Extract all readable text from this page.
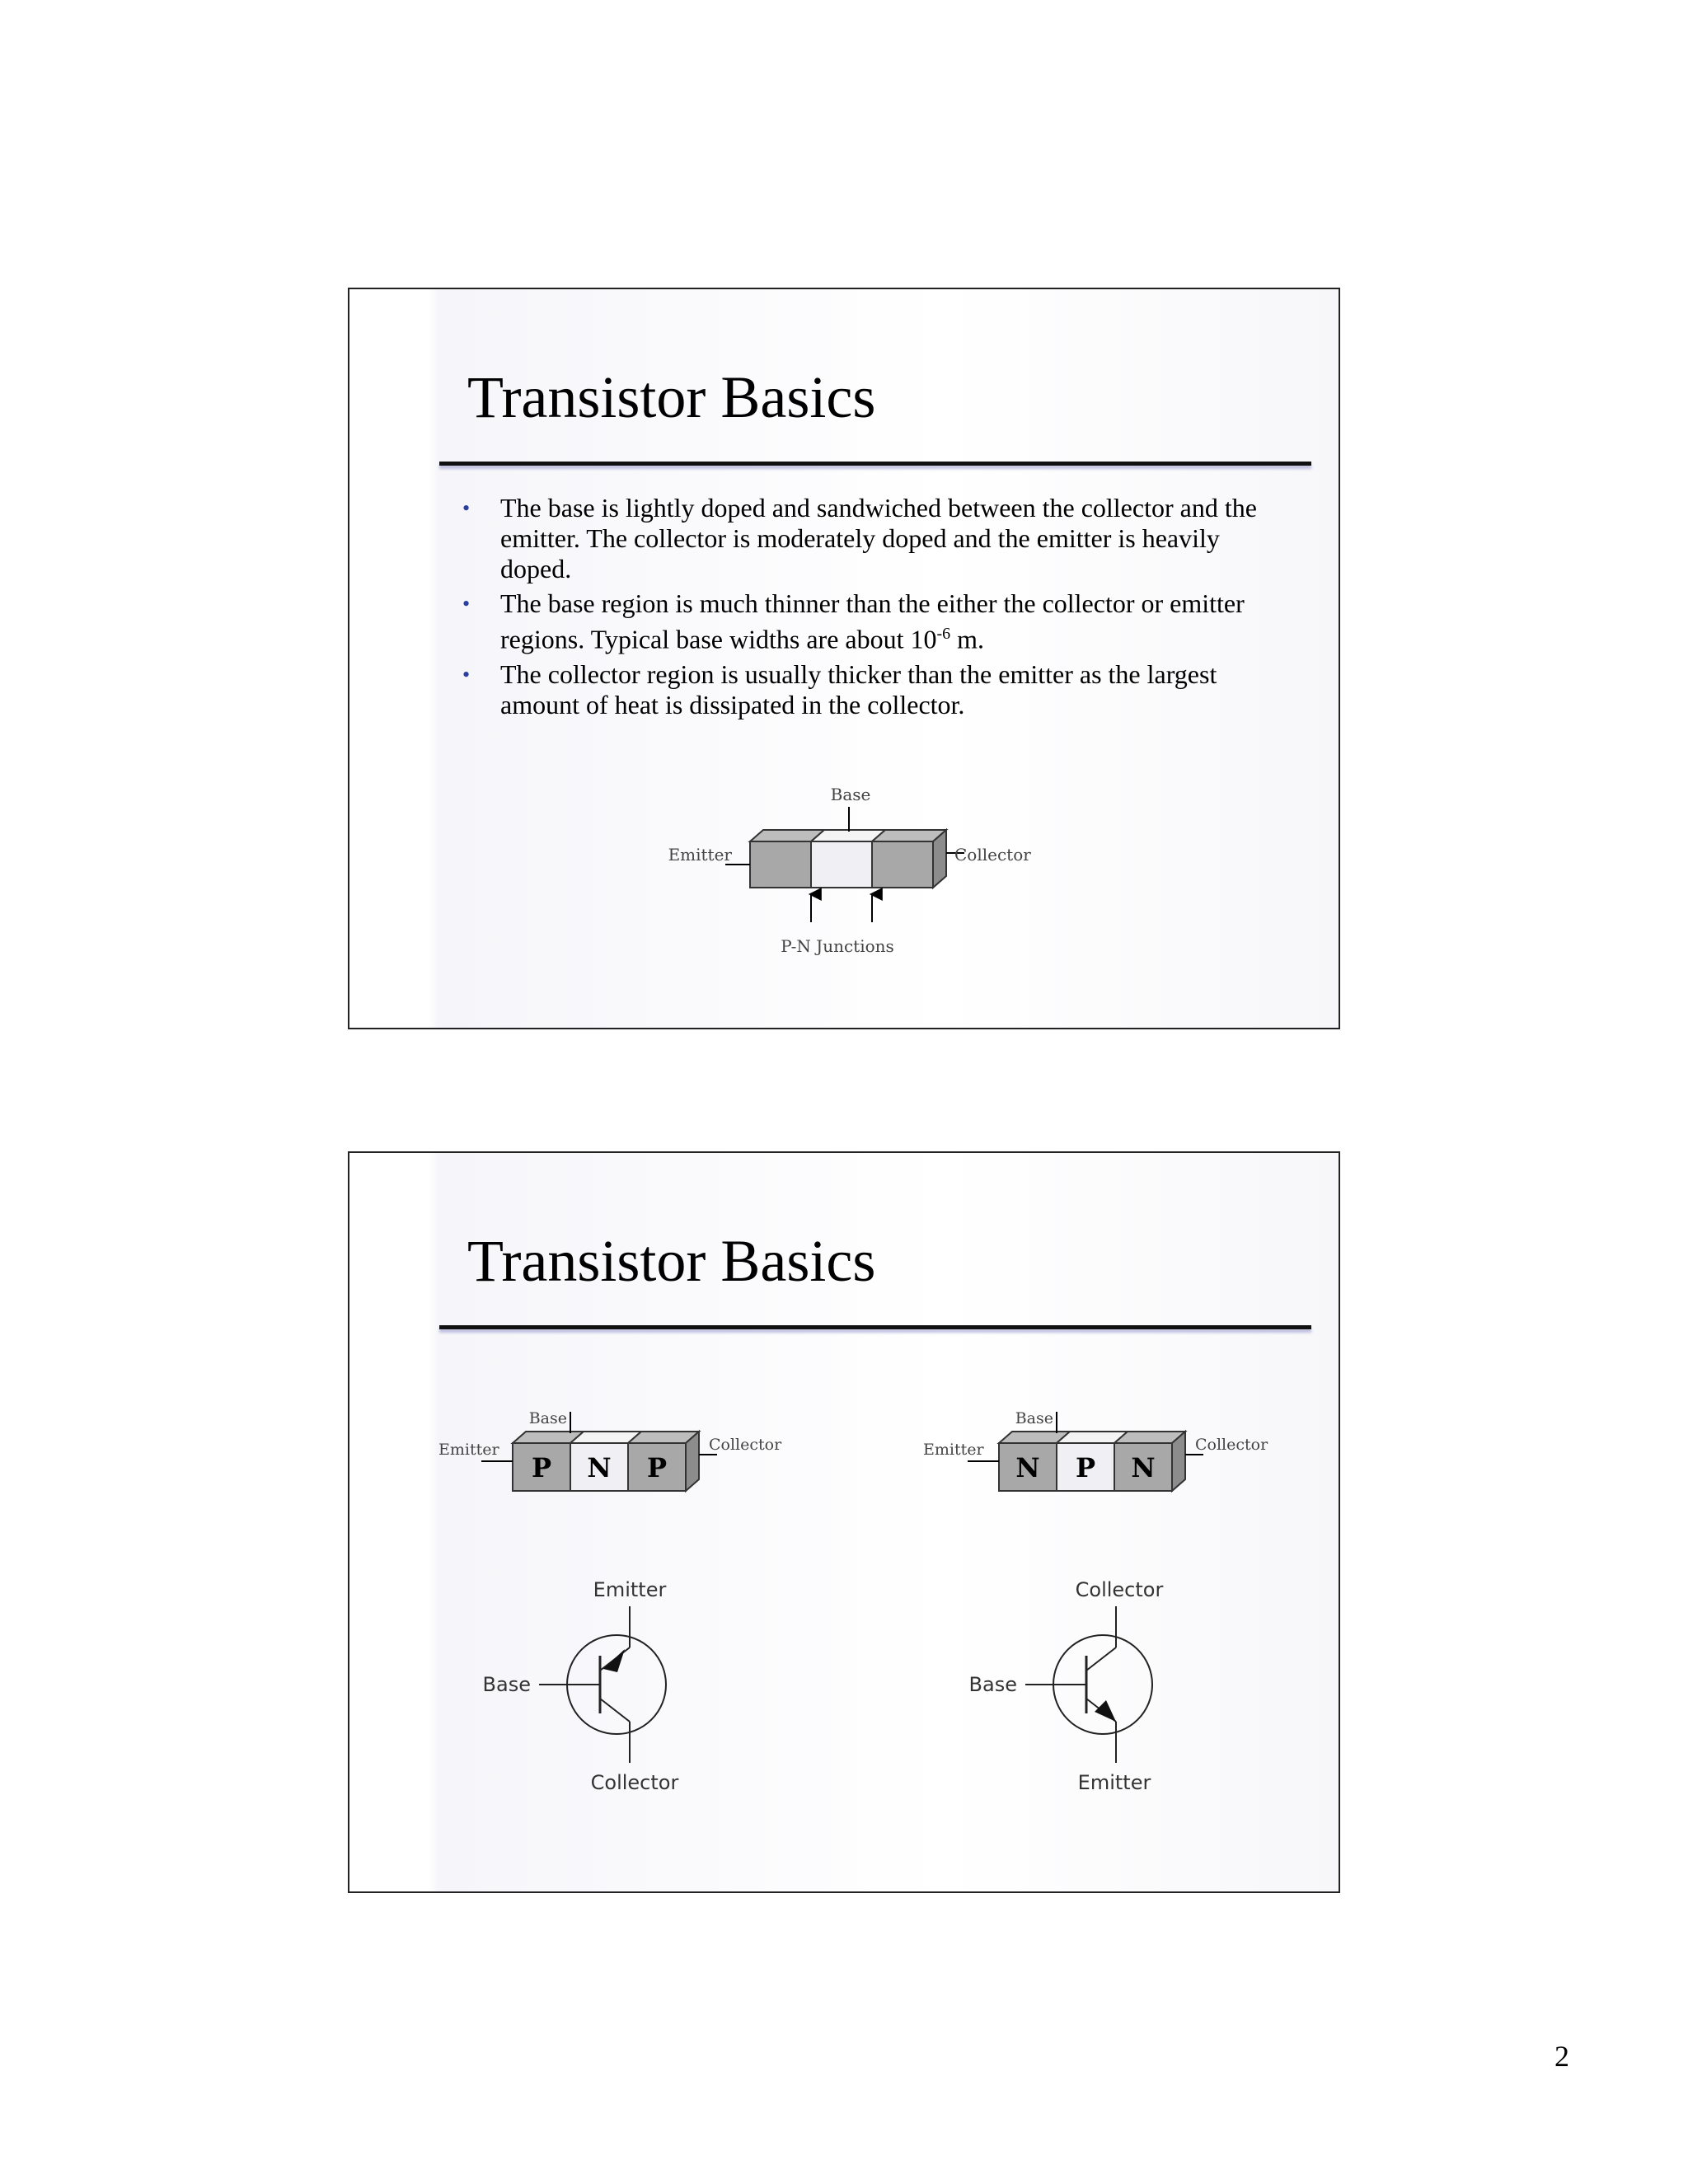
Transistor Basics
• The base is lightly doped and sandwiched between the collector and the emitter. The collector is moderately doped and the emitter is heavily doped.
• The base region is much thinner than the either the collector or emitter regions. Typical base widths are about $10^{-6}$ m.
• The collector region is usually thicker than the emitter as the largest amount of heat is dissipated in the collector.
Base
Emitter	Collector
P-N Junctions
Transistor Basics
P N P
Base
Emitter	Collector
N P N
Base
Emitter	Collector
Emitter
Base
Collector
Collector
Base
Emitter
2
